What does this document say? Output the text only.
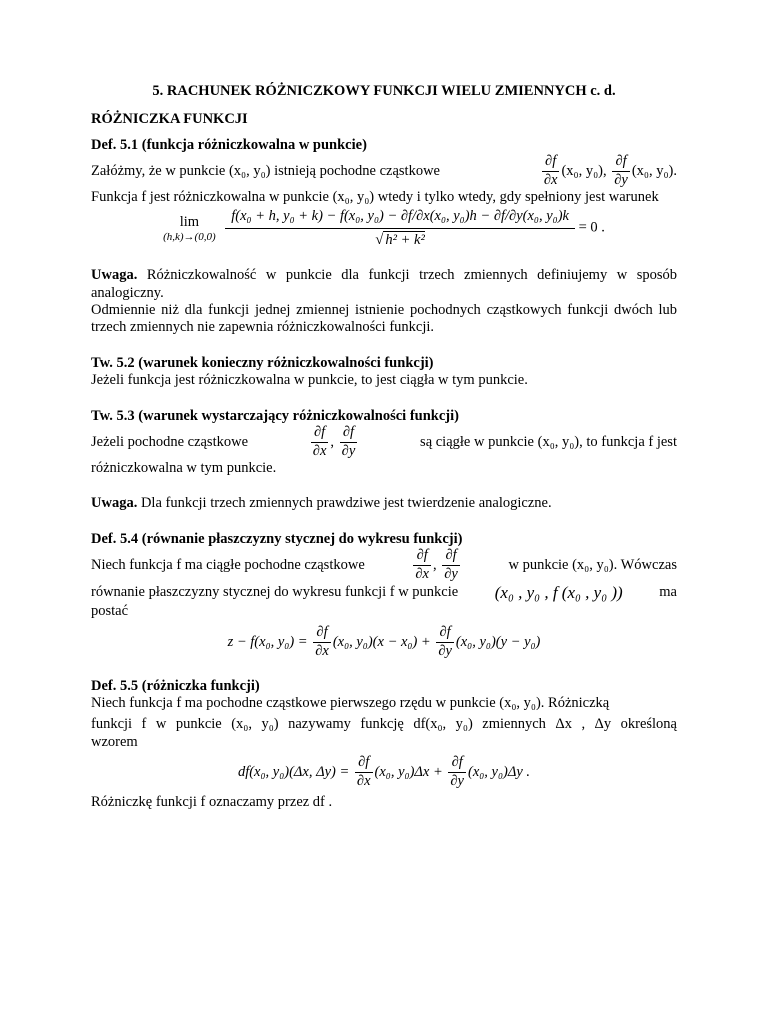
5. RACHUNEK RÓŻNICZKOWY FUNKCJI WIELU ZMIENNYCH c. d.

RÓŻNICZKA FUNKCJI

Def. 5.1 (funkcja różniczkowalna w punkcie)

Załóżmy, że w punkcie (x₀, y₀) istnieją pochodne cząstkowe	$\frac{\partial f}{\partial x} (x_0$, y₀), $\frac{\partial f}{\partial y} (x_0$, y₀).

Funkcja f jest różniczkowalna w punkcie (x₀, y₀) wtedy i tylko wtedy, gdy spełniony jest warunek

lim
(h,k)→(0,0)

f(x₀ + h, y₀ + k) − f(x₀, y₀) − ∂f/∂x(x₀, y₀)h − ∂f/∂y(x₀, y₀)k
√ h² + k²
= 0 .

Uwaga. Różniczkowalność w punkcie dla funkcji trzech zmiennych definiujemy w sposób analogiczny.

Odmiennie niż dla funkcji jednej zmiennej istnienie pochodnych cząstkowych funkcji dwóch lub trzech zmiennych nie zapewnia różniczkowalności funkcji.

Tw. 5.2 (warunek konieczny różniczkowalności funkcji)

Jeżeli funkcja jest różniczkowalna w punkcie, to jest ciągła w tym punkcie.

Tw. 5.3 (warunek wystarczający różniczkowalności funkcji)

Jeżeli pochodne cząstkowe	$\frac{\partial f}{\partial x}$ , $\frac{\partial f}{\partial y}$	są ciągłe w punkcie (x₀, y₀), to funkcja f jest

różniczkowalna w tym punkcie.

Uwaga. Dla funkcji trzech zmiennych prawdziwe jest twierdzenie analogiczne.

Def. 5.4 (równanie płaszczyzny stycznej do wykresu funkcji)

Niech funkcja f ma ciągłe pochodne cząstkowe	$\frac{\partial f}{\partial x}$ , $\frac{\partial f}{\partial y}$	w punkcie (x₀, y₀). Wówczas
równanie płaszczyzny stycznej do wykresu funkcji f w punkcie (x₀ , y₀ , f (x₀ , y₀ ))	ma

postać

z − f(x₀, $y_0) = \frac{\partial f}{\partial x} (x_0$, $y_0)(x - x_0) + \frac{\partial f}{\partial y} (x_0$, y₀)(y − y₀)

Def. 5.5 (różniczka funkcji)

Niech funkcja f ma pochodne cząstkowe pierwszego rzędu w punkcie (x₀, y₀). Różniczką

funkcji f w punkcie (x₀, y₀) nazywamy funkcję df(x₀, y₀) zmiennych Δx , Δy określoną

wzorem

df(x₀, y₀)(Δx, $\Delta y) = \frac{\partial f}{\partial x} (x_0$, $y_0)\Delta x + \frac{\partial f}{\partial y} (x_0$, y₀)Δy .

Różniczkę funkcji f oznaczamy przez df .
